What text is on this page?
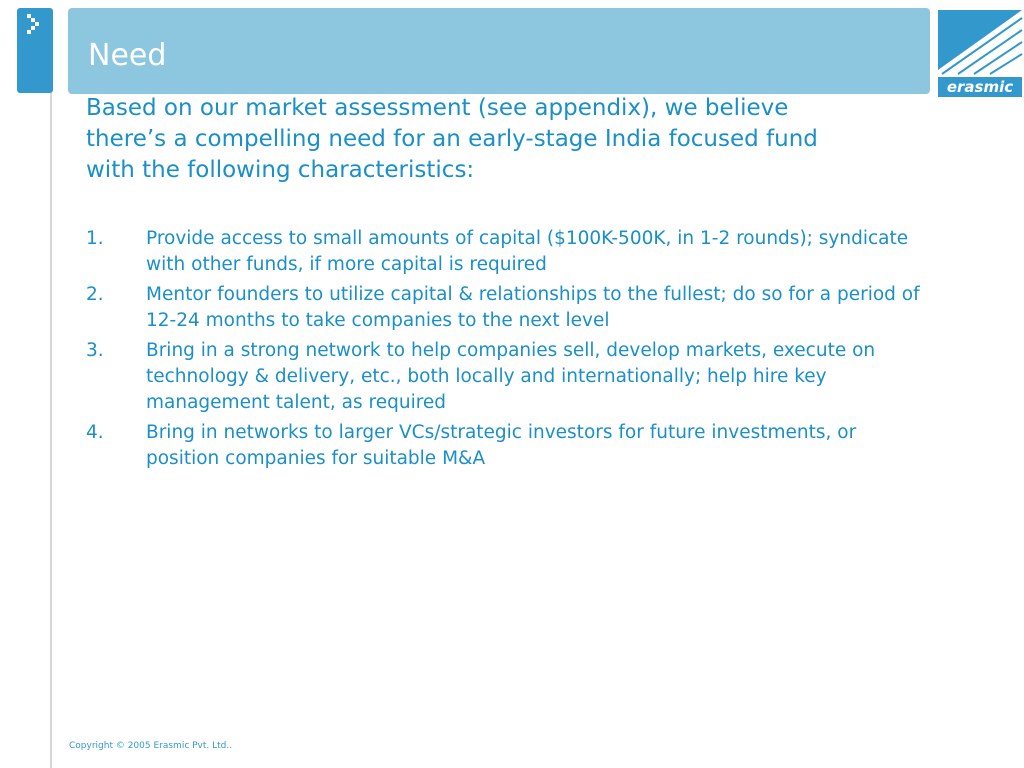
Need
erasmic

Based on our market assessment (see appendix), we believe there’s a compelling need for an early-stage India focused fund with the following characteristics:

1. Provide access to small amounts of capital ($100K-500K, in 1-2 rounds); syndicate with other funds, if more capital is required
2. Mentor founders to utilize capital & relationships to the fullest; do so for a period of 12-24 months to take companies to the next level
3. Bring in a strong network to help companies sell, develop markets, execute on technology & delivery, etc., both locally and internationally; help hire key management talent, as required
4. Bring in networks to larger VCs/strategic investors for future investments, or position companies for suitable M&A
Copyright © 2005 Erasmic Pvt. Ltd..
